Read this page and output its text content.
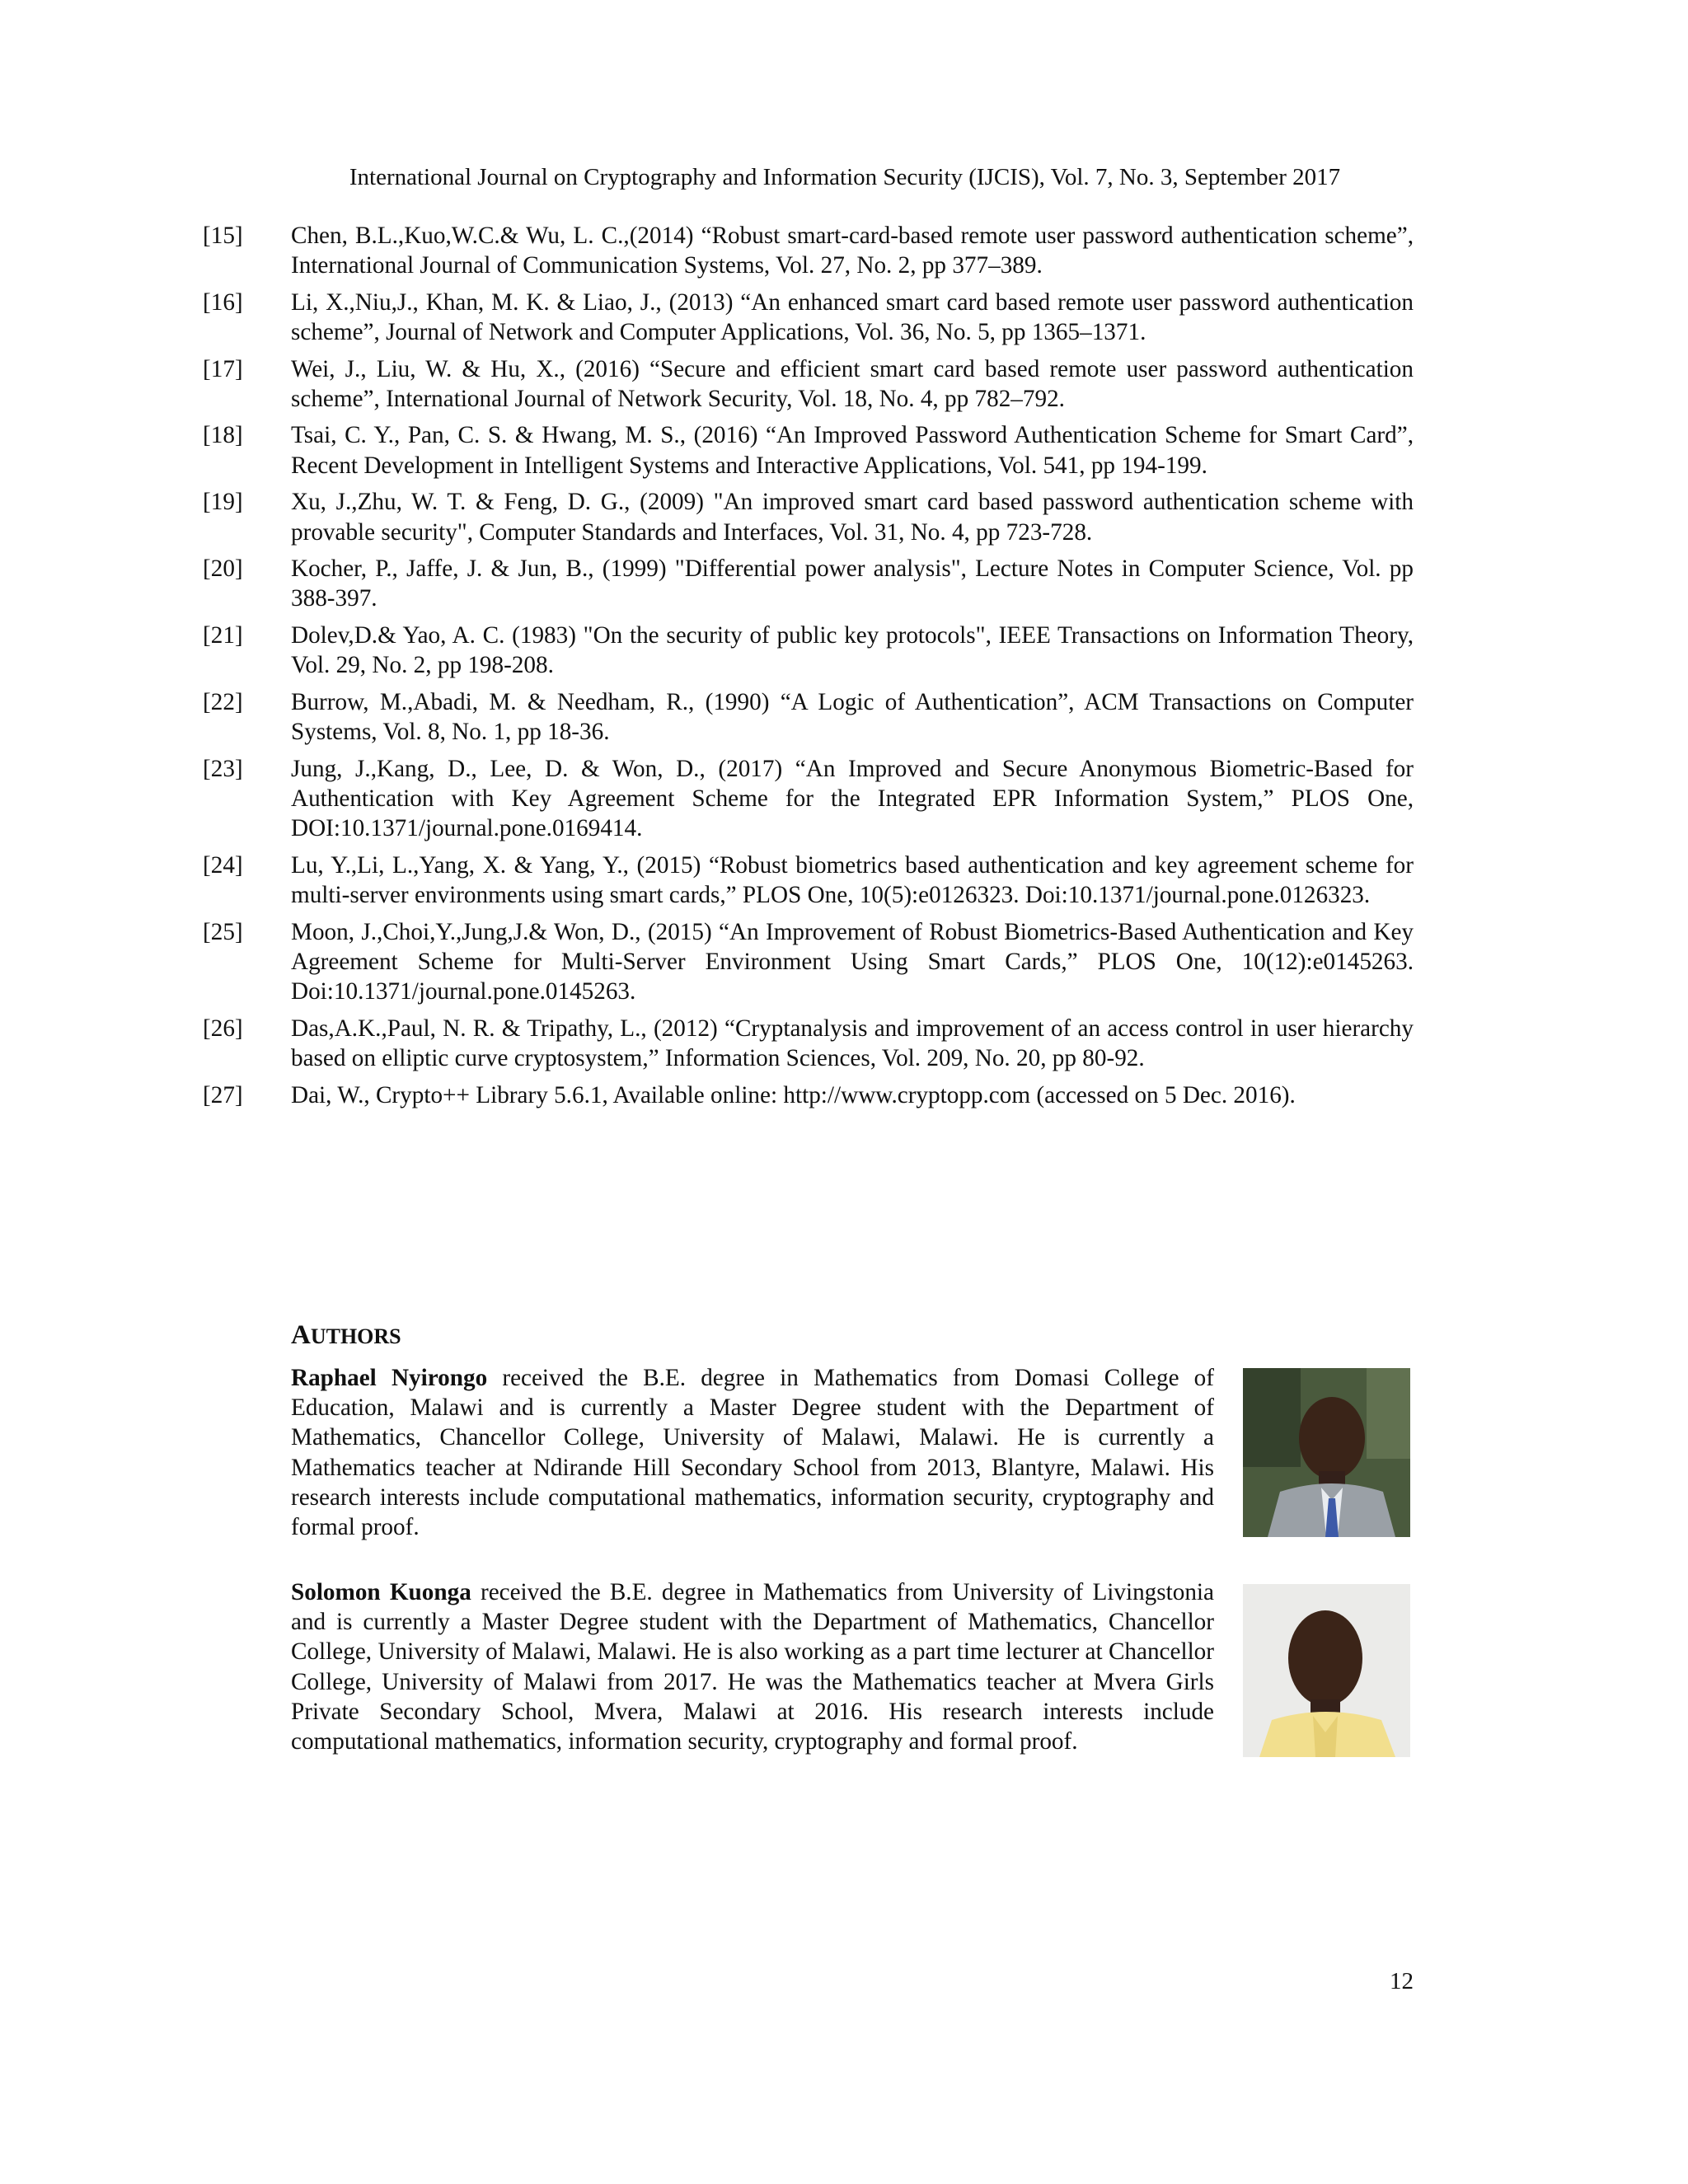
International Journal on Cryptography and Information Security (IJCIS), Vol. 7, No. 3, September 2017
[15]	Chen, B.L.,Kuo,W.C.& Wu, L. C.,(2014) “Robust smart-card-based remote user password authentication scheme”, International Journal of Communication Systems, Vol. 27, No. 2, pp 377–389.
[16]	Li, X.,Niu,J., Khan, M. K. & Liao, J., (2013) “An enhanced smart card based remote user password authentication scheme”, Journal of Network and Computer Applications, Vol. 36, No. 5, pp 1365–1371.
[17]	Wei, J., Liu, W. & Hu, X., (2016) “Secure and efficient smart card based remote user password authentication scheme”, International Journal of Network Security, Vol. 18, No. 4, pp 782–792.
[18]	Tsai, C. Y., Pan, C. S. & Hwang, M. S., (2016) “An Improved Password Authentication Scheme for Smart Card”, Recent Development in Intelligent Systems and Interactive Applications, Vol. 541, pp 194-199.
[19]	Xu, J.,Zhu, W. T. & Feng, D. G., (2009) "An improved smart card based password authentication scheme with provable security", Computer Standards and Interfaces, Vol. 31, No. 4, pp 723-728.
[20]	Kocher, P., Jaffe, J. & Jun, B., (1999) "Differential power analysis", Lecture Notes in Computer Science, Vol. pp 388-397.
[21]	Dolev,D.& Yao, A. C. (1983) "On the security of public key protocols", IEEE Transactions on Information Theory, Vol. 29, No. 2, pp 198-208.
[22]	Burrow, M.,Abadi, M. & Needham, R., (1990) “A Logic of Authentication”, ACM Transactions on Computer Systems, Vol. 8, No. 1, pp 18-36.
[23]	Jung, J.,Kang, D., Lee, D. & Won, D., (2017) “An Improved and Secure Anonymous Biometric-Based for Authentication with Key Agreement Scheme for the Integrated EPR Information System,” PLOS One, DOI:10.1371/journal.pone.0169414.
[24]	Lu, Y.,Li, L.,Yang, X. & Yang, Y., (2015) “Robust biometrics based authentication and key agreement scheme for multi-server environments using smart cards,” PLOS One, 10(5):e0126323. Doi:10.1371/journal.pone.0126323.
[25]	Moon, J.,Choi,Y.,Jung,J.& Won, D., (2015) “An Improvement of Robust Biometrics-Based Authentication and Key Agreement Scheme for Multi-Server Environment Using Smart Cards,” PLOS One, 10(12):e0145263. Doi:10.1371/journal.pone.0145263.
[26]	Das,A.K.,Paul, N. R. & Tripathy, L., (2012) “Cryptanalysis and improvement of an access control in user hierarchy based on elliptic curve cryptosystem,” Information Sciences, Vol. 209, No. 20, pp 80-92.
[27]	Dai, W., Crypto++ Library 5.6.1, Available online: http://www.cryptopp.com (accessed on 5 Dec. 2016).
AUTHORS

Raphael Nyirongo received the B.E. degree in Mathematics from Domasi College of Education, Malawi and is currently a Master Degree student with the Department of Mathematics, Chancellor College, University of Malawi, Malawi. He is currently a Mathematics teacher at Ndirande Hill Secondary School from 2013, Blantyre, Malawi. His research interests include computational mathematics, information security, cryptography and formal proof.

Solomon Kuonga received the B.E. degree in Mathematics from University of Livingstonia and is currently a Master Degree student with the Department of Mathematics, Chancellor College, University of Malawi, Malawi. He is also working as a part time lecturer at Chancellor College, University of Malawi from 2017. He was the Mathematics teacher at Mvera Girls Private Secondary School, Mvera, Malawi at 2016. His research interests include computational mathematics, information security, cryptography and formal proof.

12
